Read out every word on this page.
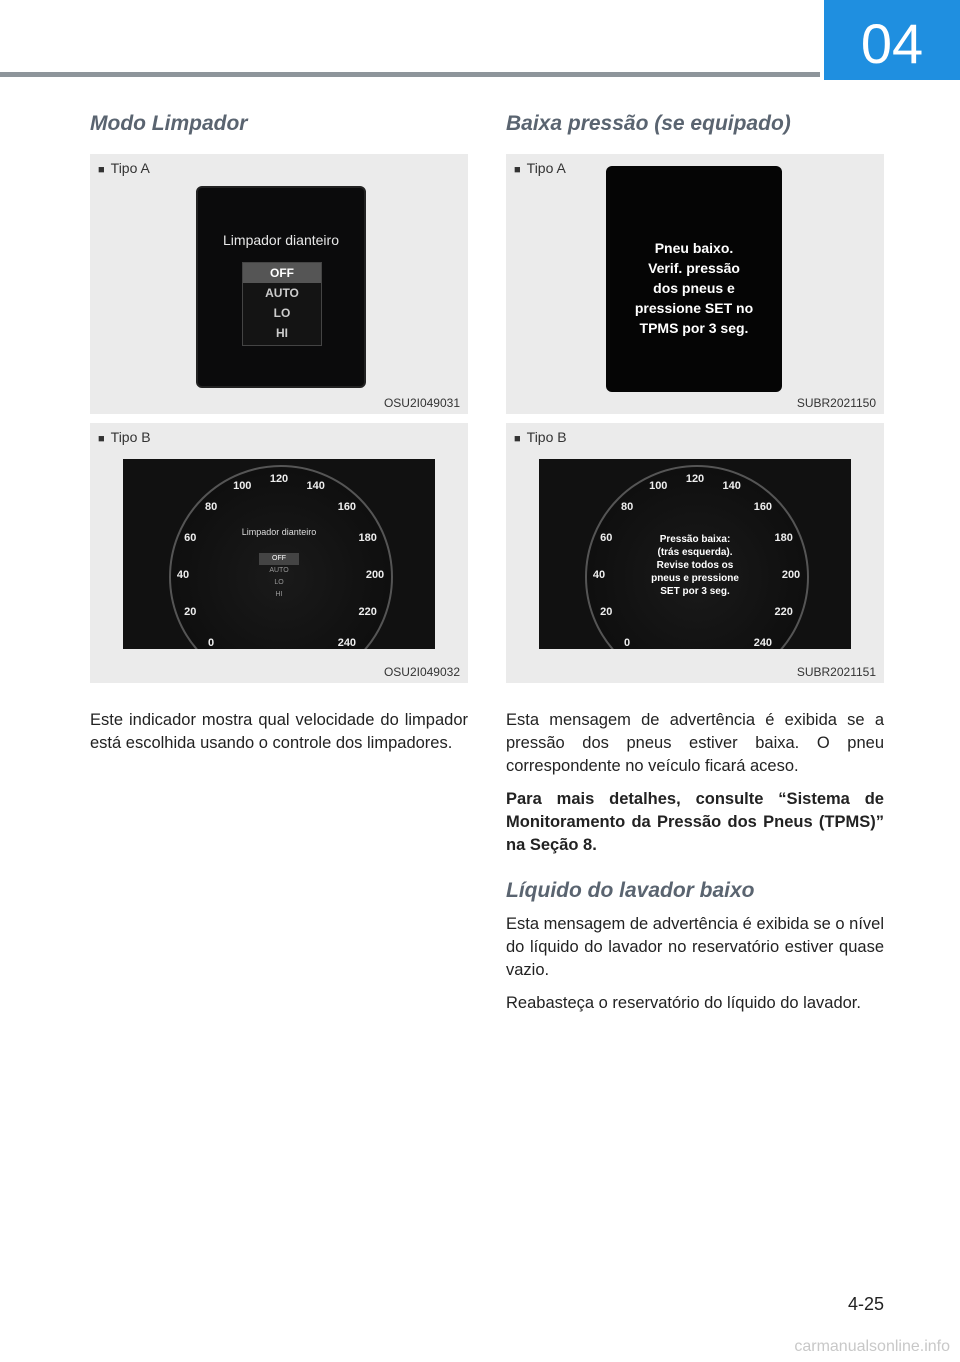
04
Modo Limpador
■ Tipo A
Limpador dianteiro
OFF
AUTO
LO
HI
OSU2I049031
■ Tipo B
Limpador dianteiro
OFF
AUTO
LO
HI
0
20
40
60
80
100
120
140
160
180
200
220
240
OSU2I049032

Este indicador mostra qual velocidade do limpador está escolhida usando o controle dos limpadores.

Baixa pressão (se equipado)
■ Tipo A
Pneu baixo.
Verif. pressão
dos pneus e
pressione SET no
TPMS por 3 seg.
SUBR2021150
■ Tipo B
Pressão baixa:
(trás esquerda).
Revise todos os
pneus e pressione
SET por 3 seg.
0
20
40
60
80
100
120
140
160
180
200
220
240
SUBR2021151

Esta mensagem de advertência é exibida se a pressão dos pneus estiver baixa. O pneu correspondente no veículo ficará aceso.

Para mais detalhes, consulte “Sistema de Monitoramento da Pressão dos Pneus (TPMS)” na Seção 8.

Líquido do lavador baixo

Esta mensagem de advertência é exibida se o nível do líquido do lavador no reservatório estiver quase vazio.

Reabasteça o reservatório do líquido do lavador.

4-25
carmanualsonline.info
